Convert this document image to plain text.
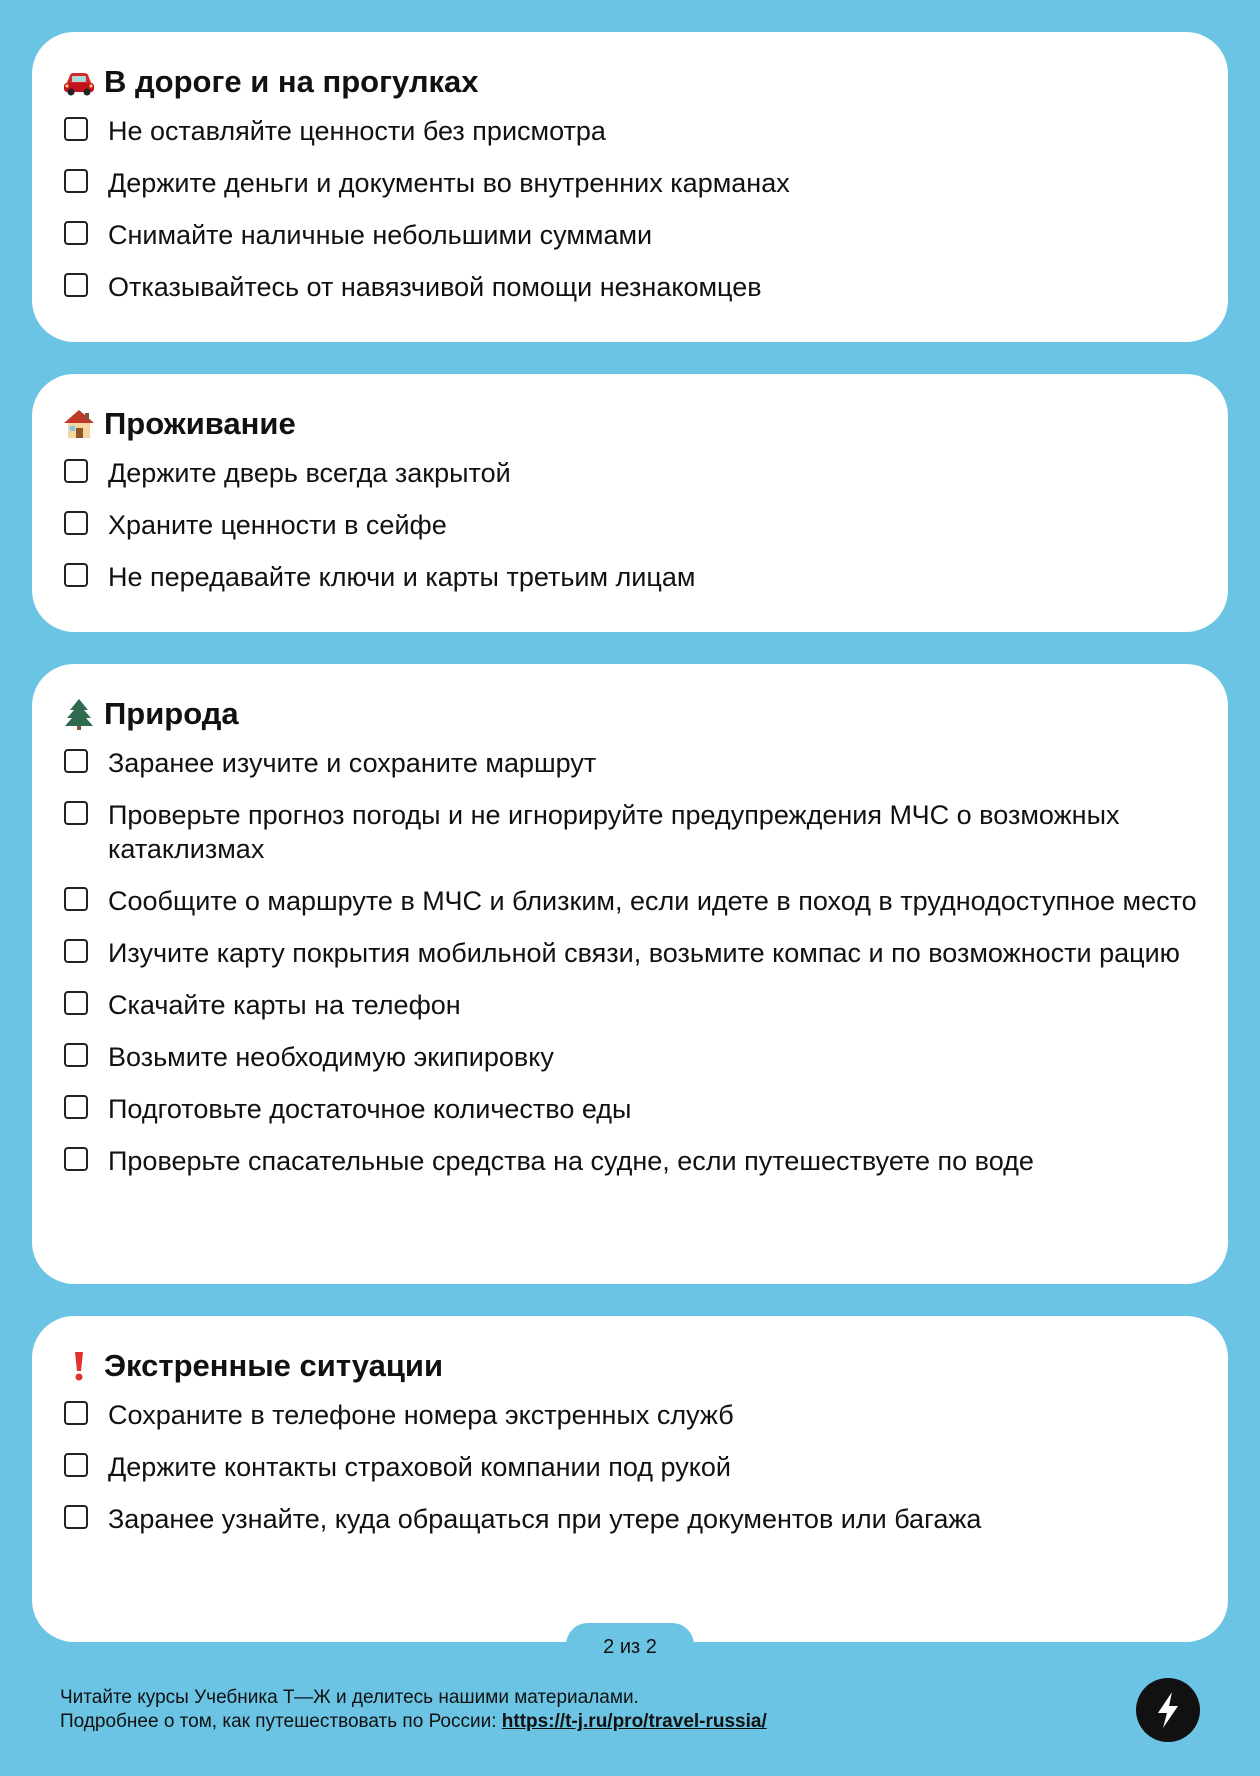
В дороге и на прогулках
Не оставляйте ценности без присмотра
Держите деньги и документы во внутренних карманах
Снимайте наличные небольшими суммами
Отказывайтесь от навязчивой помощи незнакомцев
Проживание
Держите дверь всегда закрытой
Храните ценности в сейфе
Не передавайте ключи и карты третьим лицам
Природа
Заранее изучите и сохраните маршрут
Проверьте прогноз погоды и не игнорируйте предупреждения МЧС о возможных катаклизмах
Сообщите о маршруте в МЧС и близким, если идете в поход в труднодоступное место
Изучите карту покрытия мобильной связи, возьмите компас и по возможности рацию
Скачайте карты на телефон
Возьмите необходимую экипировку
Подготовьте достаточное количество еды
Проверьте спасательные средства на судне, если путешествуете по воде
Экстренные ситуации
Сохраните в телефоне номера экстренных служб
Держите контакты страховой компании под рукой
Заранее узнайте, куда обращаться при утере документов или багажа
2 из 2
Читайте курсы Учебника Т—Ж и делитесь нашими материалами.
Подробнее о том, как путешествовать по России: https://t-j.ru/pro/travel-russia/
